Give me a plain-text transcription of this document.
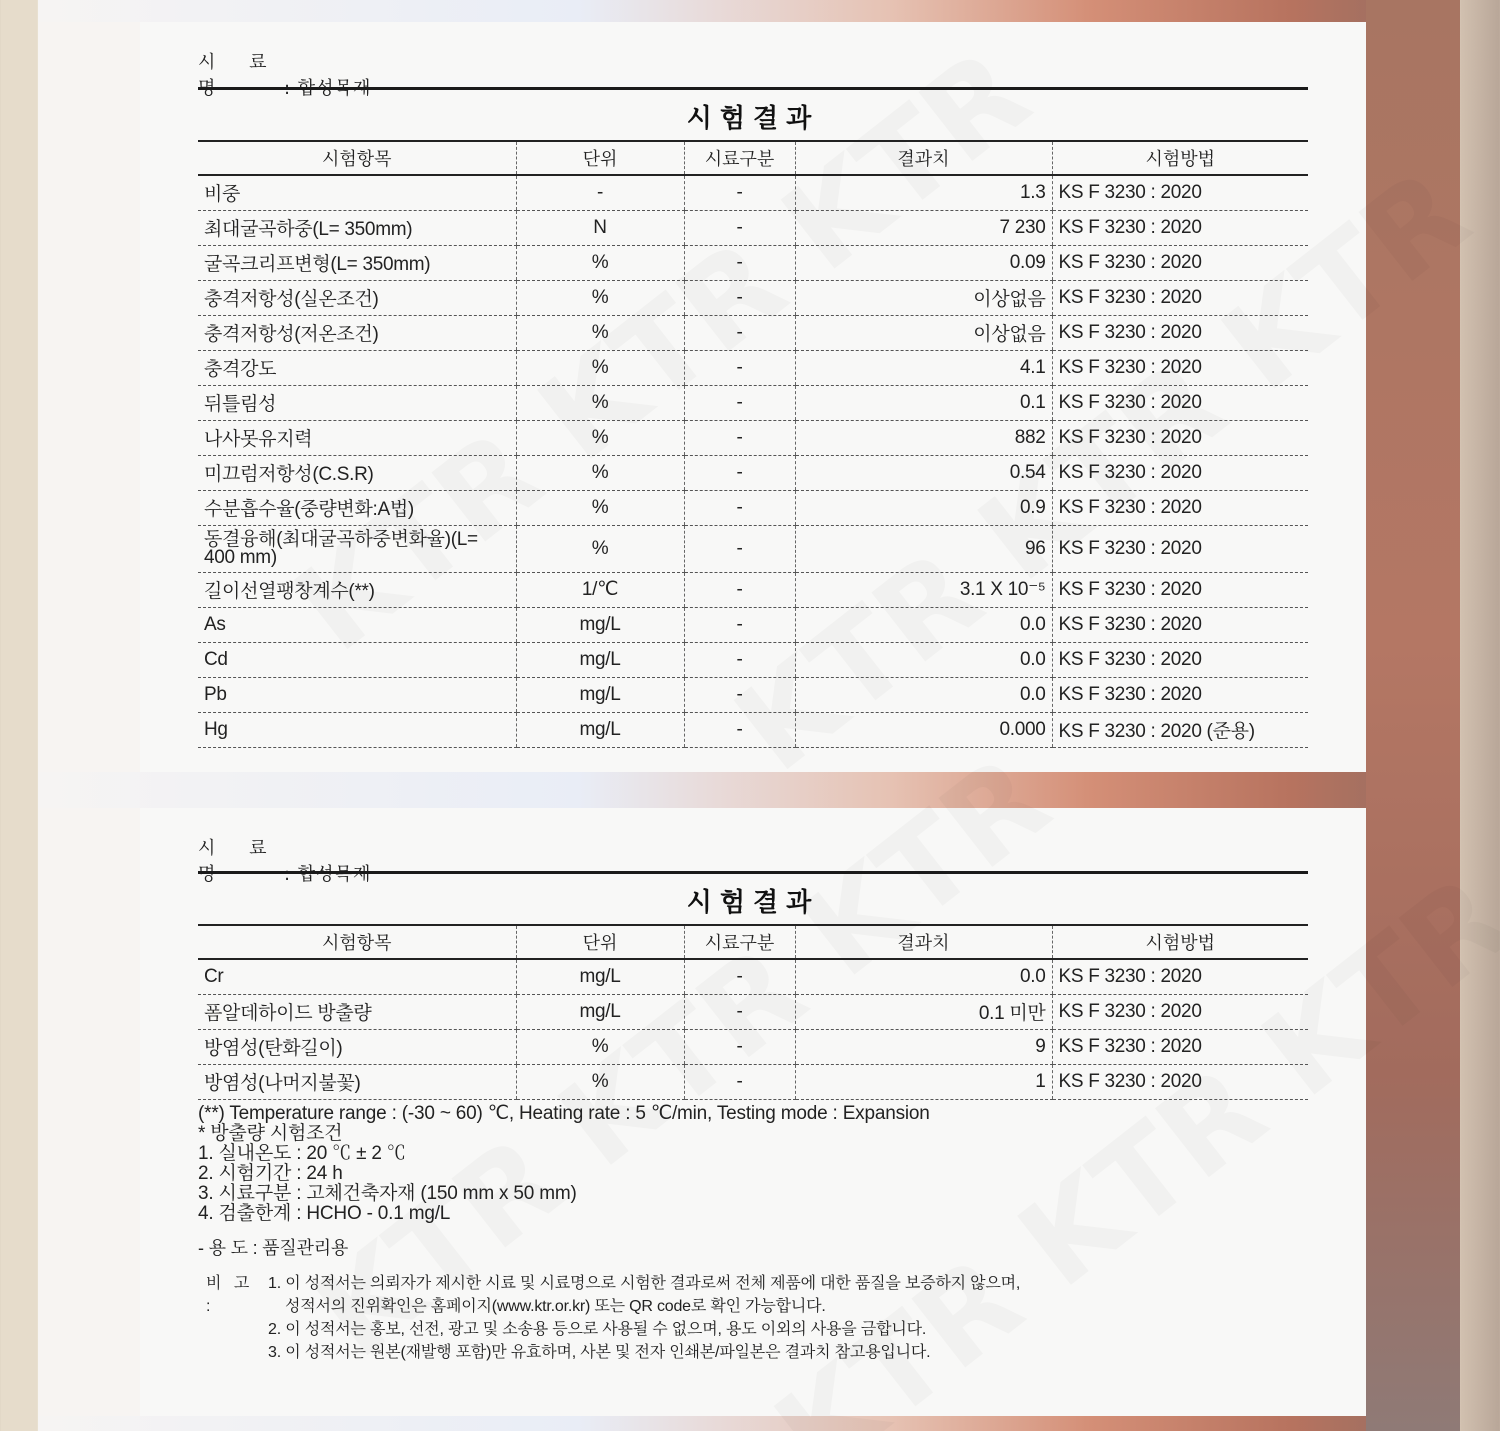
시 료 명	: 합성목재
시험결과
시험항목	단위	시료구분	결과치	시험방법
비중	-	-	1.3	KS F 3230 : 2020
최대굴곡하중(L= 350mm)	N	-	7 230	KS F 3230 : 2020
굴곡크리프변형(L= 350mm)	%	-	0.09	KS F 3230 : 2020
충격저항성(실온조건)	%	-	이상없음	KS F 3230 : 2020
충격저항성(저온조건)	%	-	이상없음	KS F 3230 : 2020
충격강도	%	-	4.1	KS F 3230 : 2020
뒤틀림성	%	-	0.1	KS F 3230 : 2020
나사못유지력	%	-	882	KS F 3230 : 2020
미끄럼저항성(C.S.R)	%	-	0.54	KS F 3230 : 2020
수분흡수율(중량변화:A법)	%	-	0.9	KS F 3230 : 2020
동결융해(최대굴곡하중변화율)(L= 400 mm)	%	-	96	KS F 3230 : 2020
길이선열팽창계수(**)	1/℃	-	3.1 X 10⁻⁵	KS F 3230 : 2020
As	mg/L	-	0.0	KS F 3230 : 2020
Cd	mg/L	-	0.0	KS F 3230 : 2020
Pb	mg/L	-	0.0	KS F 3230 : 2020
Hg	mg/L	-	0.000	KS F 3230 : 2020 (준용)
시 료 명	: 합성목재
시험결과
시험항목	단위	시료구분	결과치	시험방법
Cr	mg/L	-	0.0	KS F 3230 : 2020
폼알데하이드 방출량	mg/L	-	0.1 미만	KS F 3230 : 2020
방염성(탄화길이)	%	-	9	KS F 3230 : 2020
방염성(나머지불꽃)	%	-	1	KS F 3230 : 2020
(**) Temperature range : (-30 ~ 60) ℃, Heating rate : 5 ℃/min, Testing mode : Expansion
* 방출량 시험조건
1. 실내온도 : 20 ℃ ± 2 ℃
2. 시험기간 : 24 h
3. 시료구분 : 고체건축자재 (150 mm x 50 mm)
4. 검출한계 : HCHO - 0.1 mg/L
- 용 도 : 품질관리용
비 고 :
1. 이 성적서는 의뢰자가 제시한 시료 및 시료명으로 시험한 결과로써 전체 제품에 대한 품질을 보증하지 않으며,
성적서의 진위확인은 홈페이지(www.ktr.or.kr) 또는 QR code로 확인 가능합니다.
2. 이 성적서는 홍보, 선전, 광고 및 소송용 등으로 사용될 수 없으며, 용도 이외의 사용을 금합니다.
3. 이 성적서는 원본(재발행 포함)만 유효하며, 사본 및 전자 인쇄본/파일본은 결과치 참고용입니다.
